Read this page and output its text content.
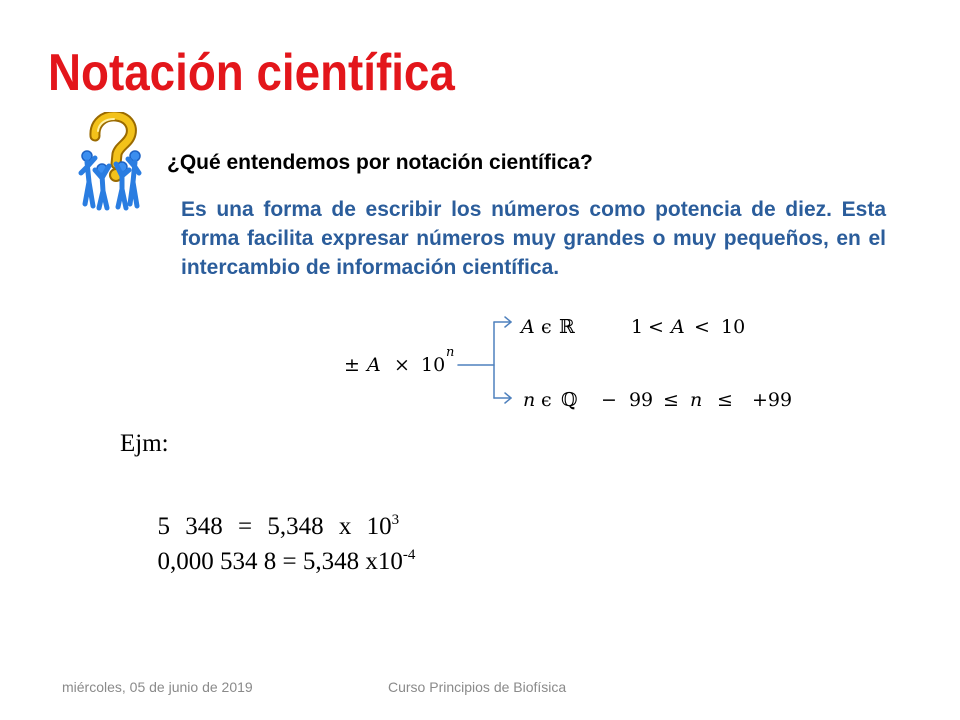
Notación científica
¿Qué entendemos por notación científica?
Es una forma de escribir los números como potencia de diez. Esta
forma facilita expresar números muy grandes o muy pequeños, en el
intercambio de información científica.
± A × 10
n
A ϵ ℝ	1 < A < 10
n ϵ ℚ − 99 ≤ n ≤ +99
Ejm:

5 348 = 5,348 x $10^3$

0,000 534 8 = 5,348 $x10^{-4}$

miércoles, 05 de junio de 2019	Curso Principios de Biofísica
